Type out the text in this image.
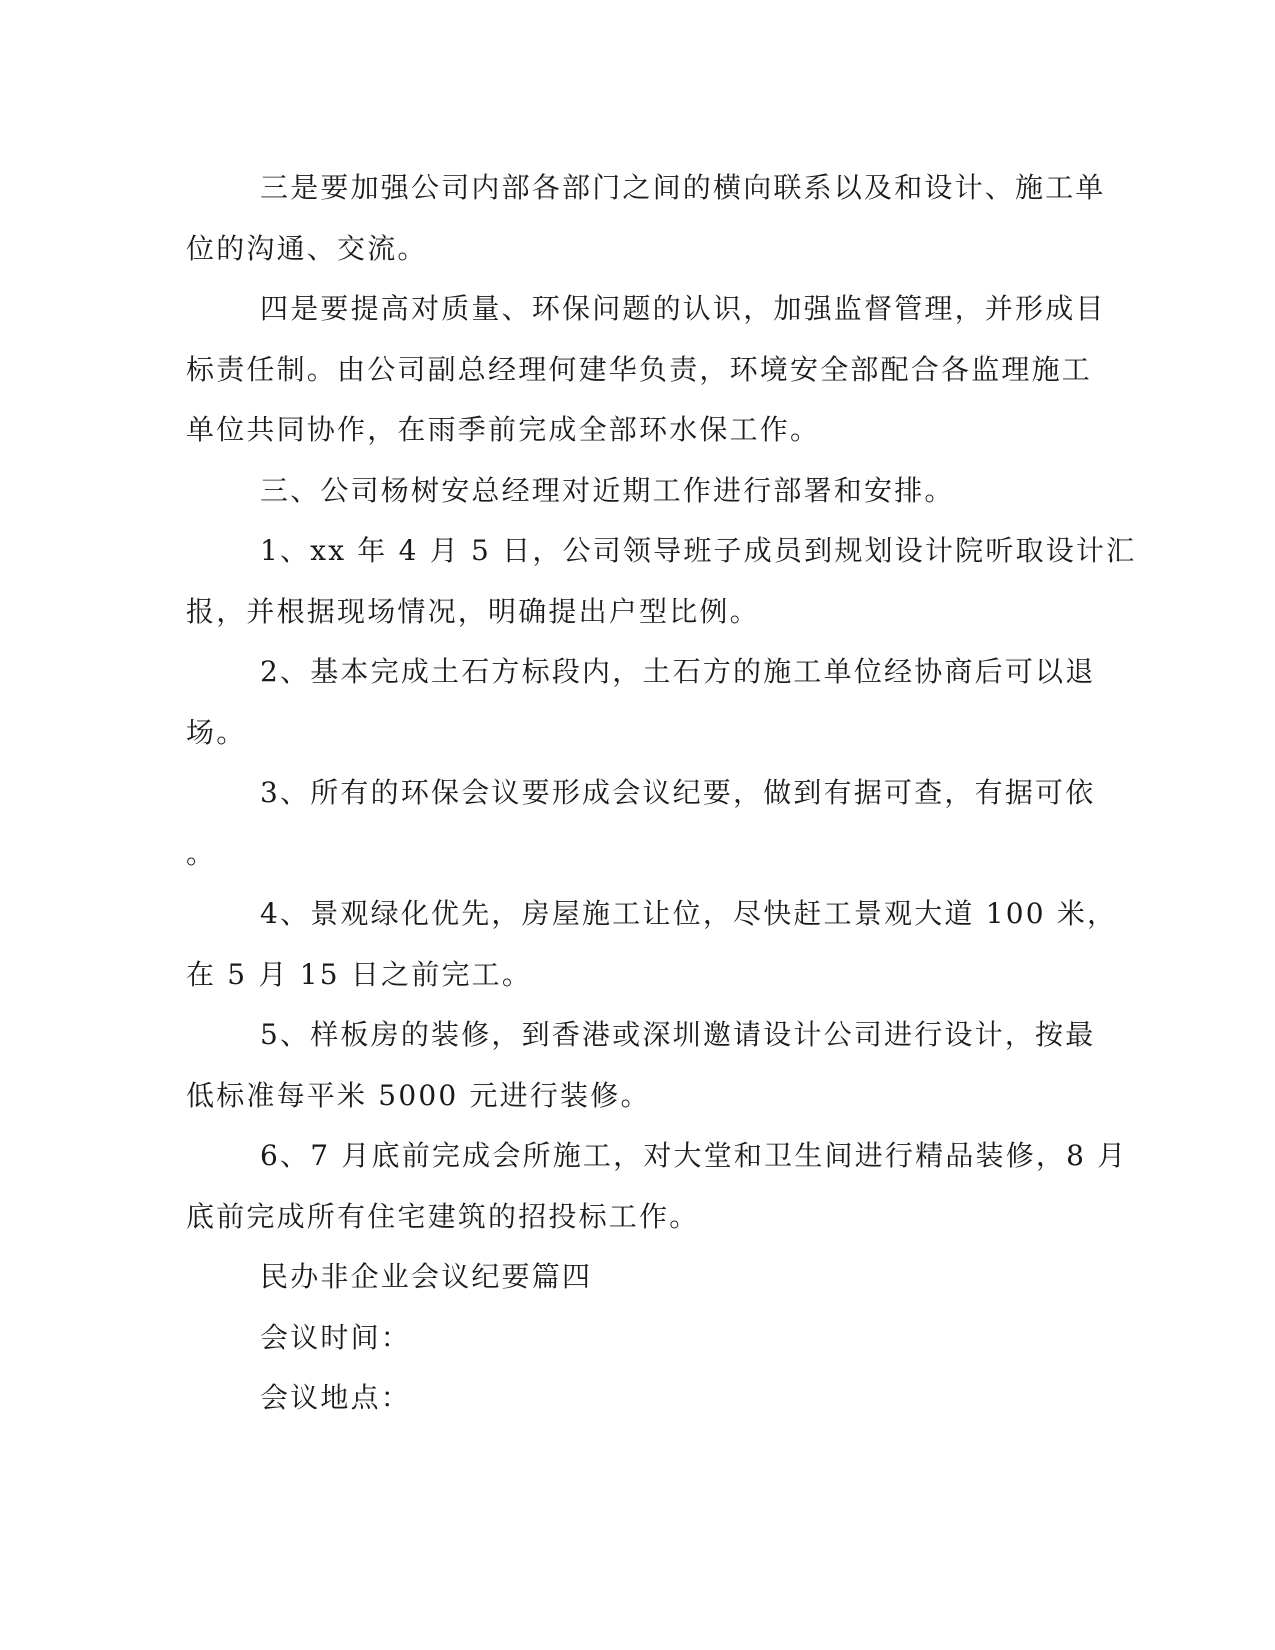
三是要加强公司内部各部门之间的横向联系以及和设计、施工单
位的沟通、交流。
四是要提高对质量、环保问题的认识，加强监督管理，并形成目
标责任制。由公司副总经理何建华负责，环境安全部配合各监理施工
单位共同协作，在雨季前完成全部环水保工作。
三、公司杨树安总经理对近期工作进行部署和安排。
1、xx 年 4 月 5 日，公司领导班子成员到规划设计院听取设计汇
报，并根据现场情况，明确提出户型比例。
2、基本完成土石方标段内，土石方的施工单位经协商后可以退
场。
3、所有的环保会议要形成会议纪要，做到有据可查，有据可依
。
4、景观绿化优先，房屋施工让位，尽快赶工景观大道 100 米，
在 5 月 15 日之前完工。
5、样板房的装修，到香港或深圳邀请设计公司进行设计，按最
低标准每平米 5000 元进行装修。
6、7 月底前完成会所施工，对大堂和卫生间进行精品装修，8 月
底前完成所有住宅建筑的招投标工作。
民办非企业会议纪要篇四
会议时间：
会议地点：
